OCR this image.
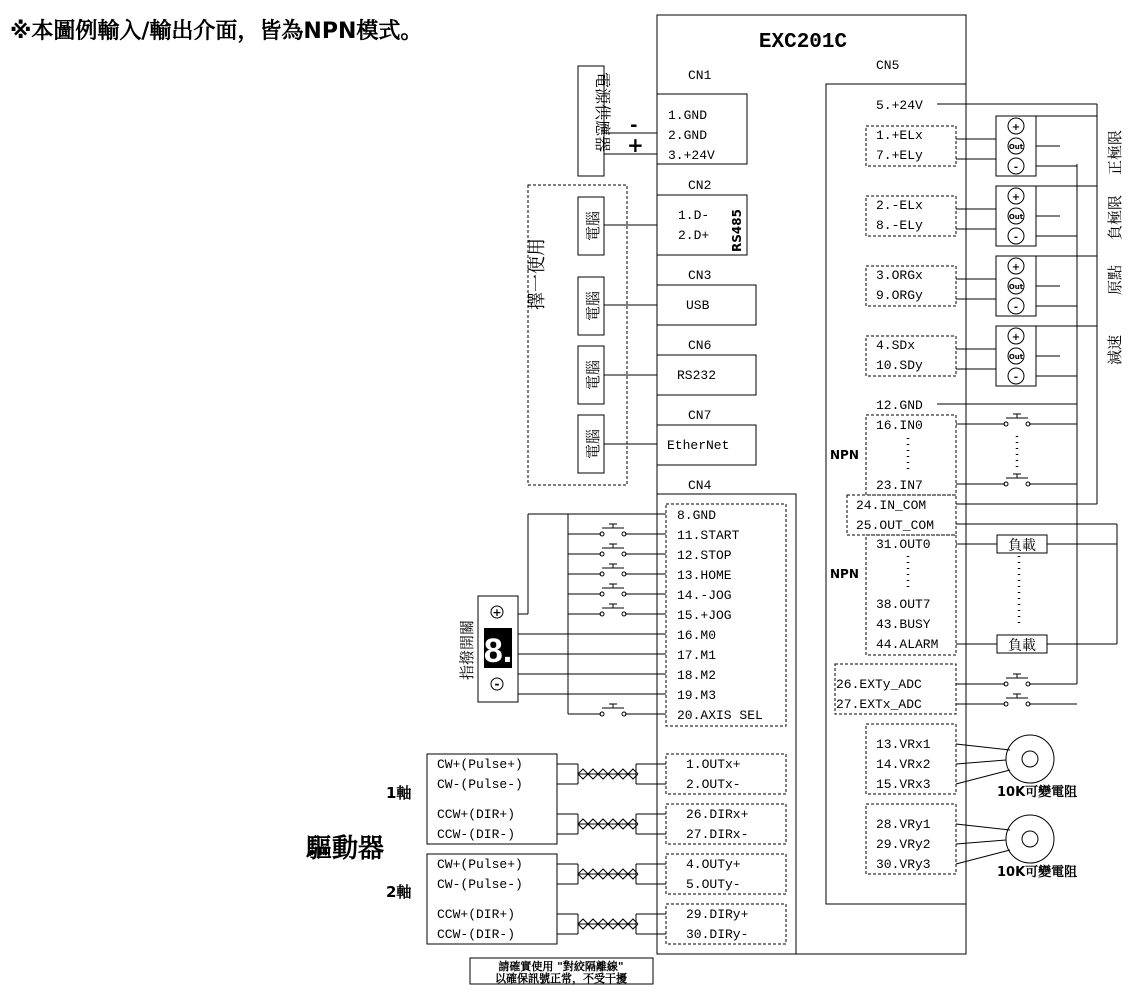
※本圖例輸入/輸出介面，皆為NPN模式。	EXC201C
CN1
1.GND
2.GND
3.+24V
電源供應器 -
+
CN2
1.D-
2.D+ RS485
擇一使用
電腦
電腦
電腦
電腦
CN3
USB
CN6
RS232
CN7
EtherNet
CN4
8.GND
11.START
12.STOP
13.HOME
14.-JOG
15.+JOG
16.M0
17.M1
18.M2
19.M3
20.AXIS SEL
指撥開關
+
8.
-
CN5
5.+24V
1.+ELx
7.+ELy
+
Out
-
2.-ELx
8.-ELy
+
Out
-
3.ORGx
9.ORGy
+
Out
-
4.SDx
10.SDy
+
Out
-
12.GND
16.IN0
23.IN7
NPN
24.IN_COM
25.OUT_COM
31.OUT0
38.OUT7
43.BUSY
44.ALARM
NPN
26.EXTy_ADC
27.EXTx_ADC
13.VRx1
14.VRx2
15.VRx3
28.VRy1
29.VRy2
30.VRy3
負載
負載
10K可變電阻
10K可變電阻
正極限
負極限
原點
減速
CW+(Pulse+)
CW-(Pulse-)
1.OUTx+
2.OUTx-
CCW+(DIR+)
CCW-(DIR-)
26.DIRx+
27.DIRx-
CW+(Pulse+)
CW-(Pulse-)
4.OUTy+
5.OUTy-
CCW+(DIR+)
CCW-(DIR-)
29.DIRy+
30.DIRy-
1軸
2軸
驅動器
請確實使用 "對絞隔離線"
以確保訊號正常，不受干擾
